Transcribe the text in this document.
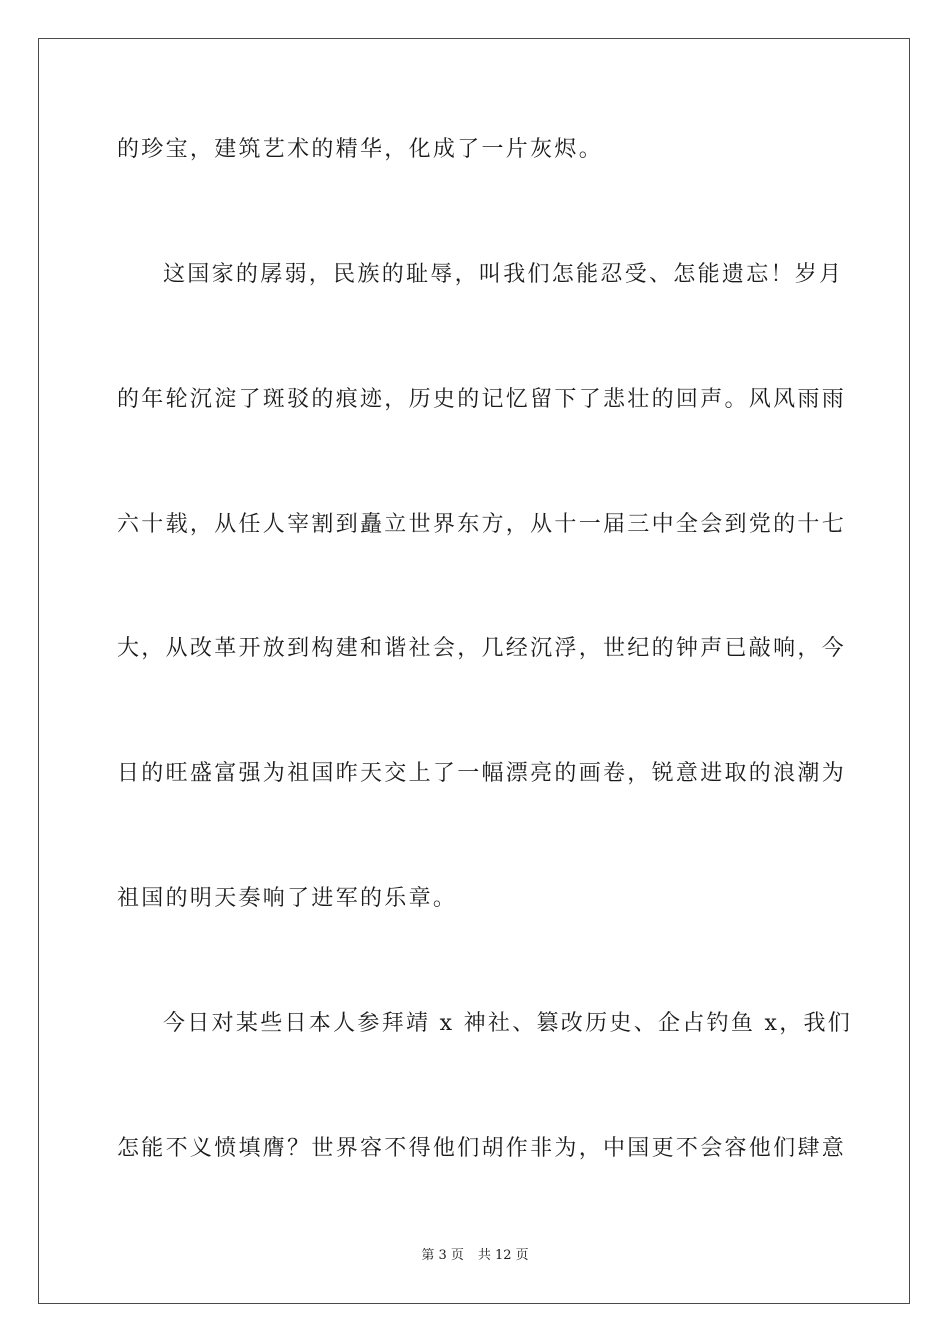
的珍宝，建筑艺术的精华，化成了一片灰烬。
这国家的孱弱，民族的耻辱，叫我们怎能忍受、怎能遗忘！岁月
的年轮沉淀了斑驳的痕迹，历史的记忆留下了悲壮的回声。风风雨雨
六十载，从任人宰割到矗立世界东方，从十一届三中全会到党的十七
大，从改革开放到构建和谐社会，几经沉浮，世纪的钟声已敲响，今
日的旺盛富强为祖国昨天交上了一幅漂亮的画卷，锐意进取的浪潮为
祖国的明天奏响了进军的乐章。
今日对某些日本人参拜靖 x 神社、篡改历史、企占钓鱼 x，我们
怎能不义愤填膺？世界容不得他们胡作非为，中国更不会容他们肆意
第 3 页 共 12 页
